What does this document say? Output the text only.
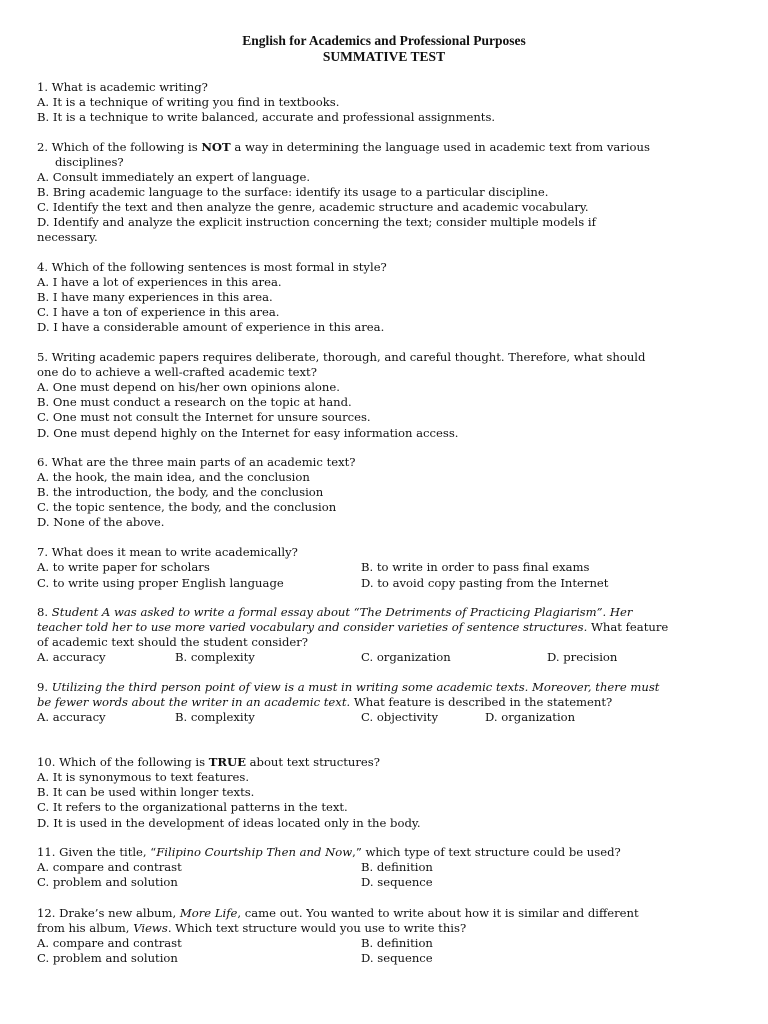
English for Academics and Professional Purposes
SUMMATIVE TEST
1. What is academic writing?
A. It is a technique of writing you find in textbooks.
B. It is a technique to write balanced, accurate and professional assignments.
2. Which of the following is NOT a way in determining the language used in academic text from various
disciplines?
A. Consult immediately an expert of language.
B. Bring academic language to the surface: identify its usage to a particular discipline.
C. Identify the text and then analyze the genre, academic structure and academic vocabulary.
D. Identify and analyze the explicit instruction concerning the text; consider multiple models if
necessary.
4. Which of the following sentences is most formal in style?
A. I have a lot of experiences in this area.
B. I have many experiences in this area.
C. I have a ton of experience in this area.
D. I have a considerable amount of experience in this area.
5. Writing academic papers requires deliberate, thorough, and careful thought. Therefore, what should
one do to achieve a well-crafted academic text?
A. One must depend on his/her own opinions alone.
B. One must conduct a research on the topic at hand.
C. One must not consult the Internet for unsure sources.
D. One must depend highly on the Internet for easy information access.
6. What are the three main parts of an academic text?
A. the hook, the main idea, and the conclusion
B. the introduction, the body, and the conclusion
C. the topic sentence, the body, and the conclusion
D. None of the above.
7. What does it mean to write academically?
A. to write paper for scholars	B. to write in order to pass final exams
C. to write using proper English language	D. to avoid copy pasting from the Internet
8. Student A was asked to write a formal essay about “The Detriments of Practicing Plagiarism”. Her
teacher told her to use more varied vocabulary and consider varieties of sentence structures. What feature
of academic text should the student consider?
A. accuracy	B. complexity	C. organization	D. precision
9. Utilizing the third person point of view is a must in writing some academic texts. Moreover, there must
be fewer words about the writer in an academic text. What feature is described in the statement?
A. accuracy	B. complexity	C. objectivity	D. organization
10. Which of the following is TRUE about text structures?
A. It is synonymous to text features.
B. It can be used within longer texts.
C. It refers to the organizational patterns in the text.
D. It is used in the development of ideas located only in the body.
11. Given the title, “Filipino Courtship Then and Now,” which type of text structure could be used?
A. compare and contrast	B. definition
C. problem and solution	D. sequence
12. Drake’s new album, More Life, came out. You wanted to write about how it is similar and different
from his album, Views. Which text structure would you use to write this?
A. compare and contrast	B. definition
C. problem and solution	D. sequence
